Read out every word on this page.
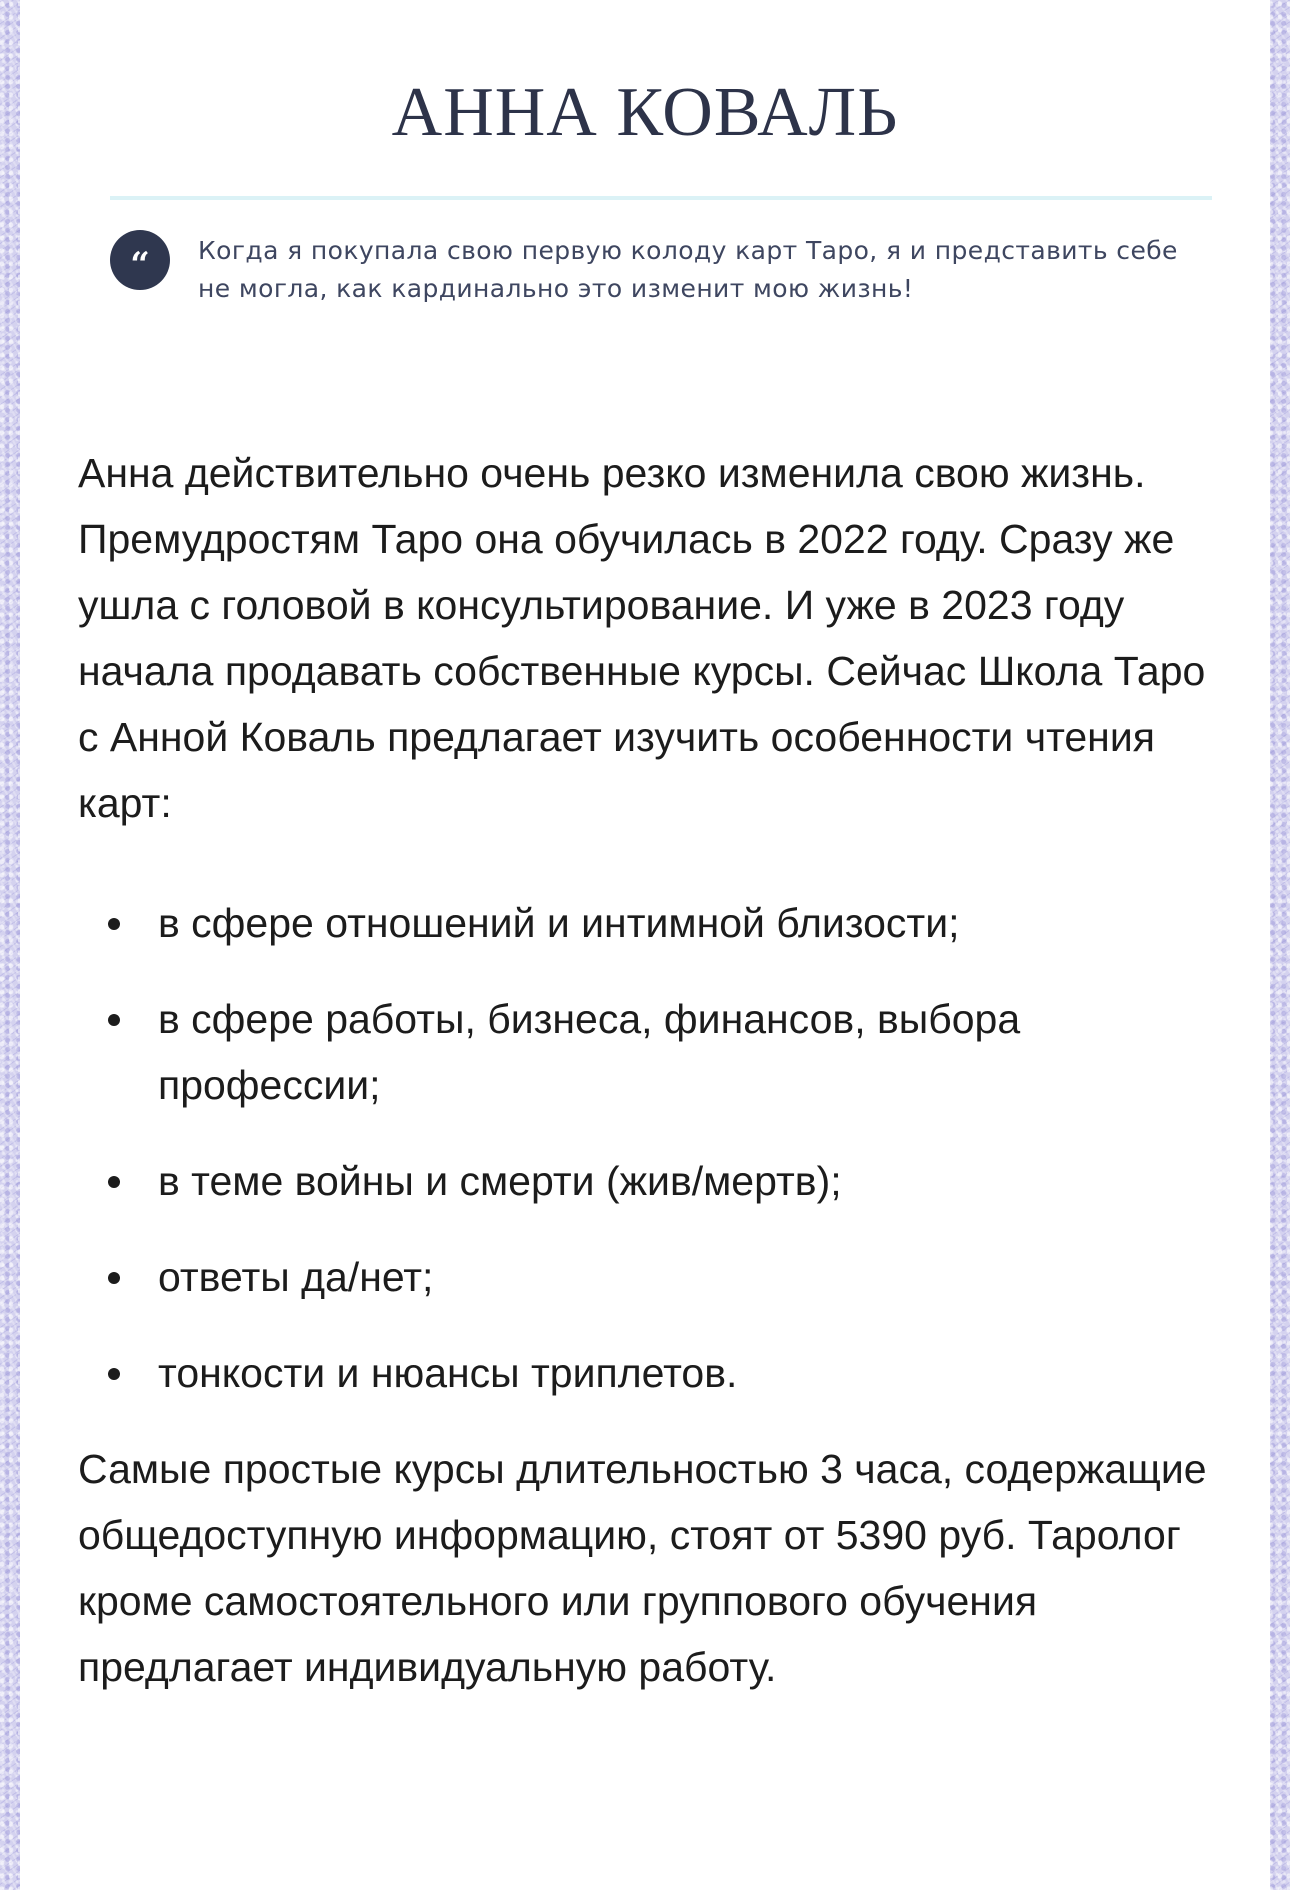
АННА КОВАЛЬ
“	Когда я покупала свою первую колоду карт Таро, я и представить себе не могла, как кардинально это изменит мою жизнь!

Анна действительно очень резко изменила свою жизнь. Премудростям Таро она обучилась в 2022 году. Сразу же ушла с головой в консультирование. И уже в 2023 году начала продавать собственные курсы. Сейчас Школа Таро с Анной Коваль предлагает изучить особенности чтения карт:

в сфере отношений и интимной близости;
в сфере работы, бизнеса, финансов, выбора профессии;
в теме войны и смерти (жив/мертв);
ответы да/нет;
тонкости и нюансы триплетов.

Самые простые курсы длительностью 3 часа, содержащие общедоступную информацию, стоят от 5390 руб. Таролог кроме самостоятельного или группового обучения предлагает индивидуальную работу.
